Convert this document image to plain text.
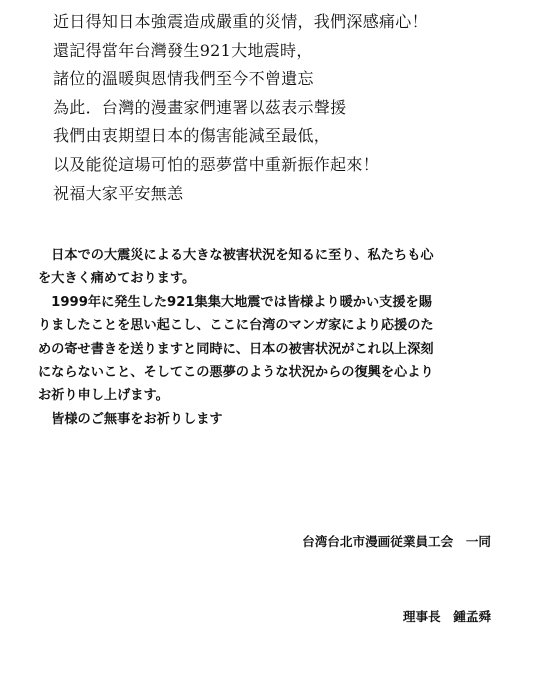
近日得知日本強震造成嚴重的災情，我們深感痛心！
還記得當年台灣發生921大地震時，
諸位的溫暖與恩情我們至今不曾遺忘
為此．台灣的漫畫家們連署以茲表示聲援
我們由衷期望日本的傷害能減至最低，
以及能從這場可怕的惡夢當中重新振作起來！
祝福大家平安無恙
　日本での大震災による大きな被害状況を知るに至り、私たちも心
を大きく痛めております。
　1999年に発生した921集集大地震では皆様より暖かい支援を賜
りましたことを思い起こし、ここに台湾のマンガ家により応援のた
めの寄せ書きを送りますと同時に、日本の被害状況がこれ以上深刻
にならないこと、そしてこの悪夢のような状況からの復興を心より
お祈り申し上げます。
　皆様のご無事をお祈りします

台湾台北市漫画従業員工会　一同

理事長　鍾孟舜
